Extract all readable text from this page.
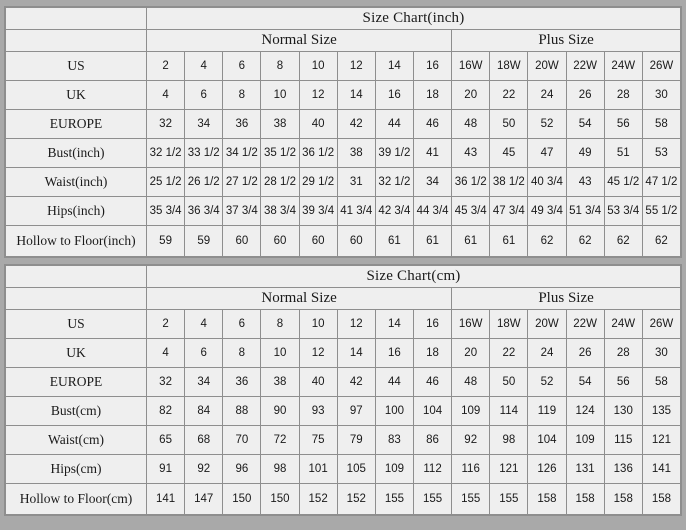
	Size Chart(inch)													
	Normal Size								Plus Size					
US	2	4	6	8	10	12	14	16	16W	18W	20W	22W	24W	26W
UK	4	6	8	10	12	14	16	18	20	22	24	26	28	30
EUROPE	32	34	36	38	40	42	44	46	48	50	52	54	56	58
Bust(inch)	32 1/2	33 1/2	34 1/2	35 1/2	36 1/2	38	39 1/2	41	43	45	47	49	51	53
Waist(inch)	25 1/2	26 1/2	27 1/2	28 1/2	29 1/2	31	32 1/2	34	36 1/2	38 1/2	40 3/4	43	45 1/2	47 1/2
Hips(inch)	35 3/4	36 3/4	37 3/4	38 3/4	39 3/4	41 3/4	42 3/4	44 3/4	45 3/4	47 3/4	49 3/4	51 3/4	53 3/4	55 1/2
Hollow to Floor(inch)	59	59	60	60	60	60	61	61	61	61	62	62	62	62
	Size Chart(cm)													
	Normal Size								Plus Size					
US	2	4	6	8	10	12	14	16	16W	18W	20W	22W	24W	26W
UK	4	6	8	10	12	14	16	18	20	22	24	26	28	30
EUROPE	32	34	36	38	40	42	44	46	48	50	52	54	56	58
Bust(cm)	82	84	88	90	93	97	100	104	109	114	119	124	130	135
Waist(cm)	65	68	70	72	75	79	83	86	92	98	104	109	115	121
Hips(cm)	91	92	96	98	101	105	109	112	116	121	126	131	136	141
Hollow to Floor(cm)	141	147	150	150	152	152	155	155	155	155	158	158	158	158
